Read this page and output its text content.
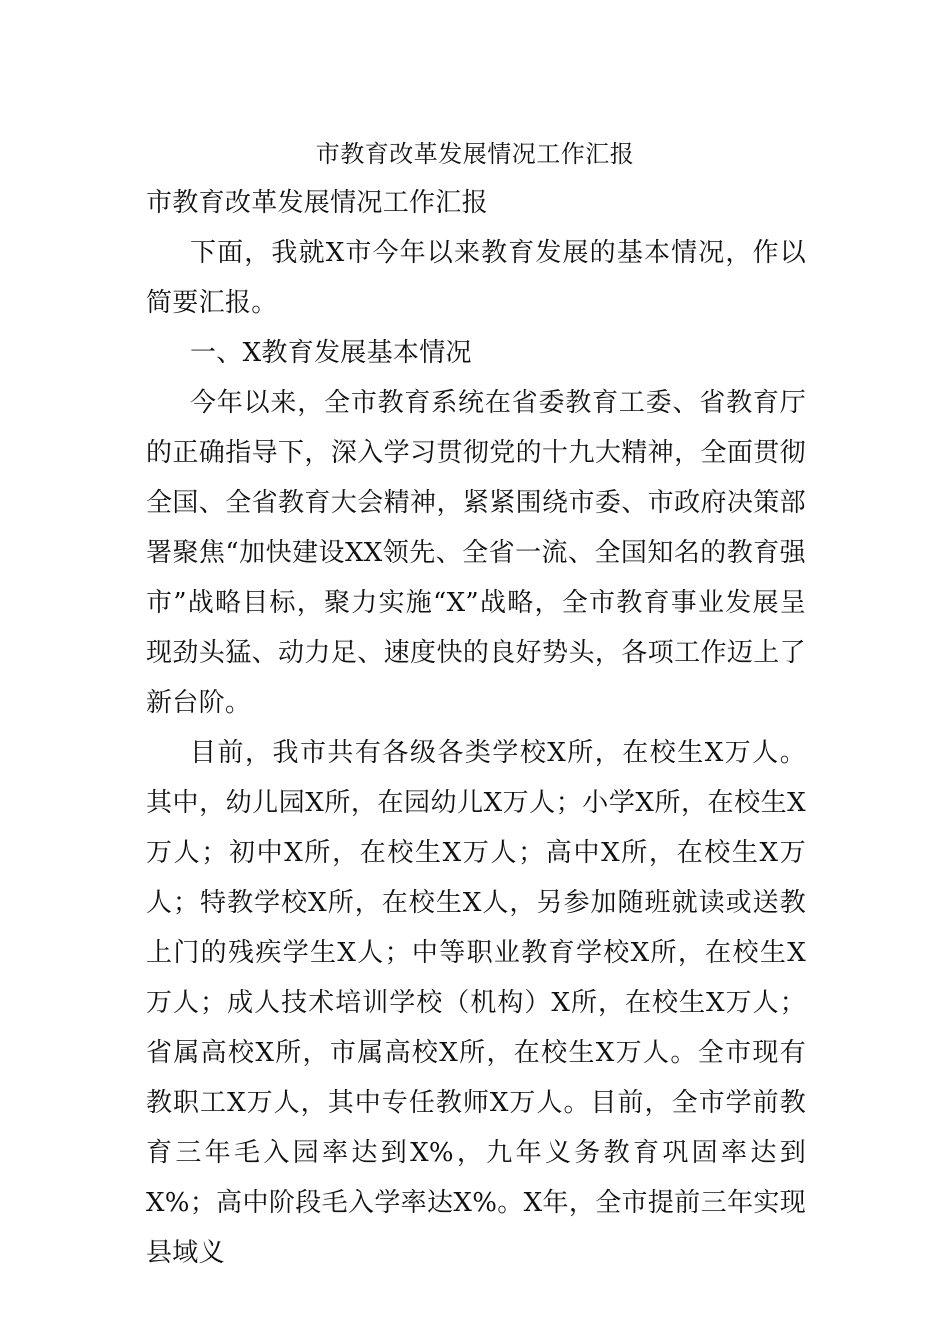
市教育改革发展情况工作汇报

市教育改革发展情况工作汇报

下面，我就X市今年以来教育发展的基本情况，作以简要汇报。

一、X教育发展基本情况

今年以来，全市教育系统在省委教育工委、省教育厅的正确指导下，深入学习贯彻党的十九大精神，全面贯彻全国、全省教育大会精神，紧紧围绕市委、市政府决策部署聚焦“加快建设XX领先、全省一流、全国知名的教育强市”战略目标，聚力实施“X”战略，全市教育事业发展呈现劲头猛、动力足、速度快的良好势头，各项工作迈上了新台阶。

目前，我市共有各级各类学校X所，在校生X万人。其中，幼儿园X所，在园幼儿X万人；小学X所，在校生X万人；初中X所，在校生X万人；高中X所，在校生X万人；特教学校X所，在校生X人，另参加随班就读或送教上门的残疾学生X人；中等职业教育学校X所，在校生X万人；成人技术培训学校（机构）X所，在校生X万人；省属高校X所，市属高校X所，在校生X万人。全市现有教职工X万人，其中专任教师X万人。目前，全市学前教育三年毛入园率达到X%，九年义务教育巩固率达到X%；高中阶段毛入学率达X%。X年，全市提前三年实现县域义
